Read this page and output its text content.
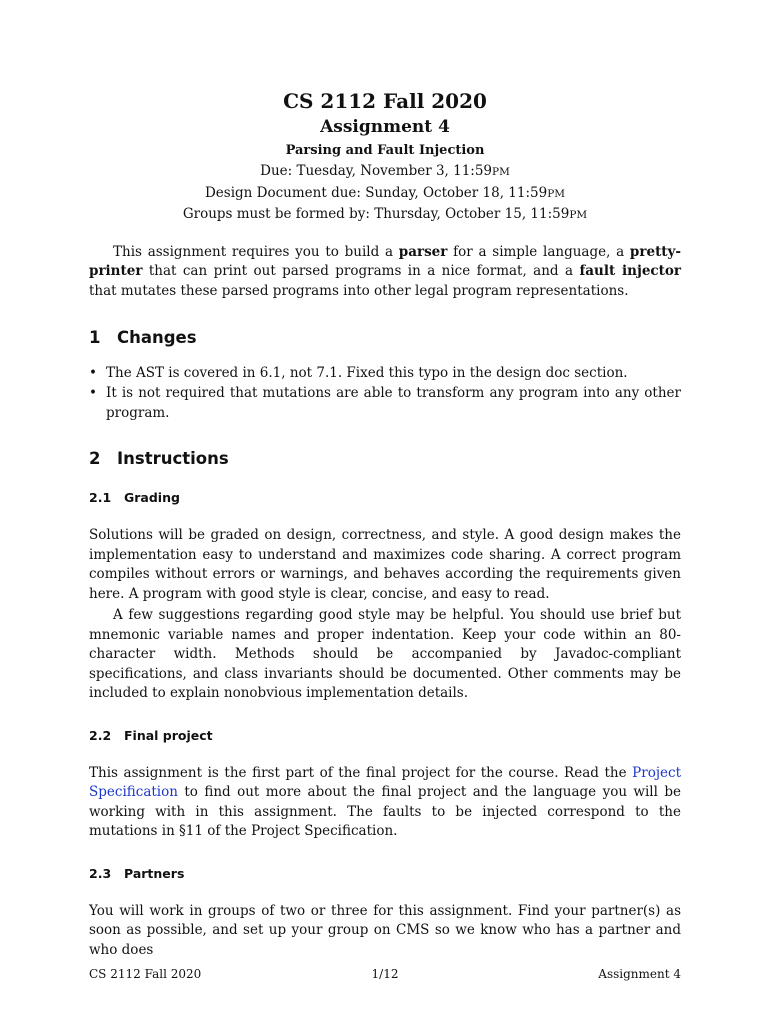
CS 2112 Fall 2020
Assignment 4
Parsing and Fault Injection
Due: Tuesday, November 3, 11:59PM
Design Document due: Sunday, October 18, 11:59PM
Groups must be formed by: Thursday, October 15, 11:59PM

This assignment requires you to build a parser for a simple language, a pretty-printer that can print out parsed programs in a nice format, and a fault injector that mutates these parsed programs into other legal program representations.

1 Changes
• The AST is covered in 6.1, not 7.1. Fixed this typo in the design doc section.
• It is not required that mutations are able to transform any program into any other program.
2 Instructions
2.1 Grading

Solutions will be graded on design, correctness, and style. A good design makes the implementation easy to understand and maximizes code sharing. A correct program compiles without errors or warnings, and behaves according the requirements given here. A program with good style is clear, concise, and easy to read.

A few suggestions regarding good style may be helpful. You should use brief but mnemonic variable names and proper indentation. Keep your code within an 80-character width. Methods should be accompanied by Javadoc-compliant specifications, and class invariants should be documented. Other comments may be included to explain nonobvious implementation details.

2.2 Final project

This assignment is the first part of the final project for the course. Read the Project Specification to find out more about the final project and the language you will be working with in this assignment. The faults to be injected correspond to the mutations in §11 of the Project Specification.

2.3 Partners

You will work in groups of two or three for this assignment. Find your partner(s) as soon as possible, and set up your group on CMS so we know who has a partner and who does

CS 2112 Fall 2020	1/12	Assignment 4
